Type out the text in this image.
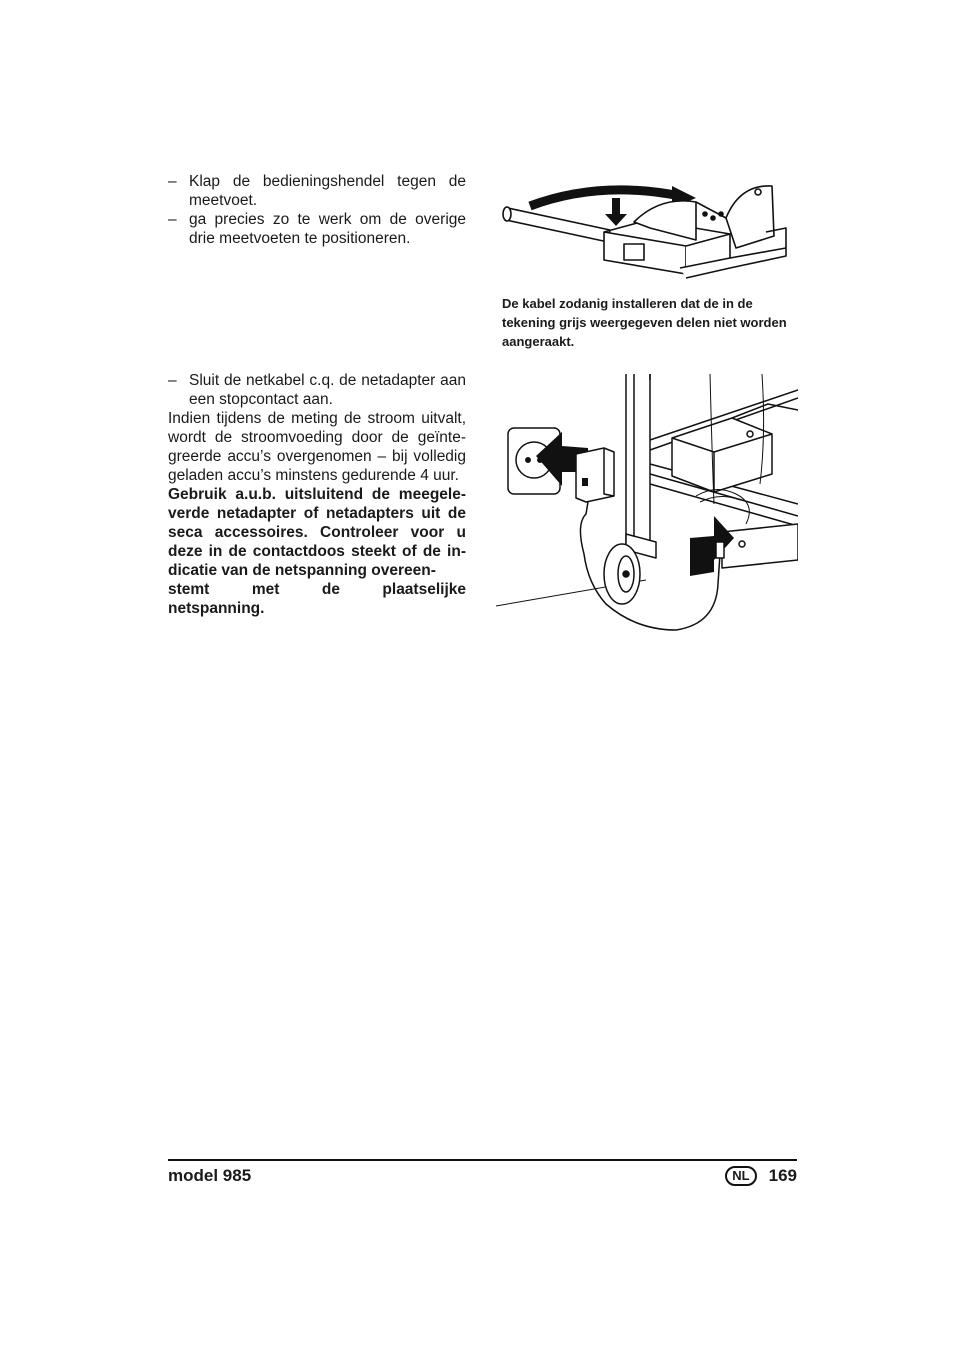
– Klap de bedieningshendel tegen de meetvoet.
– ga precies zo te werk om de overige drie meetvoeten te positioneren.
De kabel zodanig installeren dat de in de tekening grijs weergegeven delen niet worden aangeraakt.
– Sluit de netkabel c.q. de netadapter aan een stopcontact aan.
Indien tijdens de meting de stroom uitvalt, wordt de stroomvoeding door de geïnte-greerde accu’s overgenomen – bij volledig geladen accu’s minstens gedurende 4 uur.
Gebruik a.u.b. uitsluitend de meegele-verde netadapter of netadapters uit de seca accessoires. Controleer voor u deze in de contactdoos steekt of de in-dicatie van de netspanning overeen-
stemt met de plaatselijke
netspanning.
model 985	NL	169
